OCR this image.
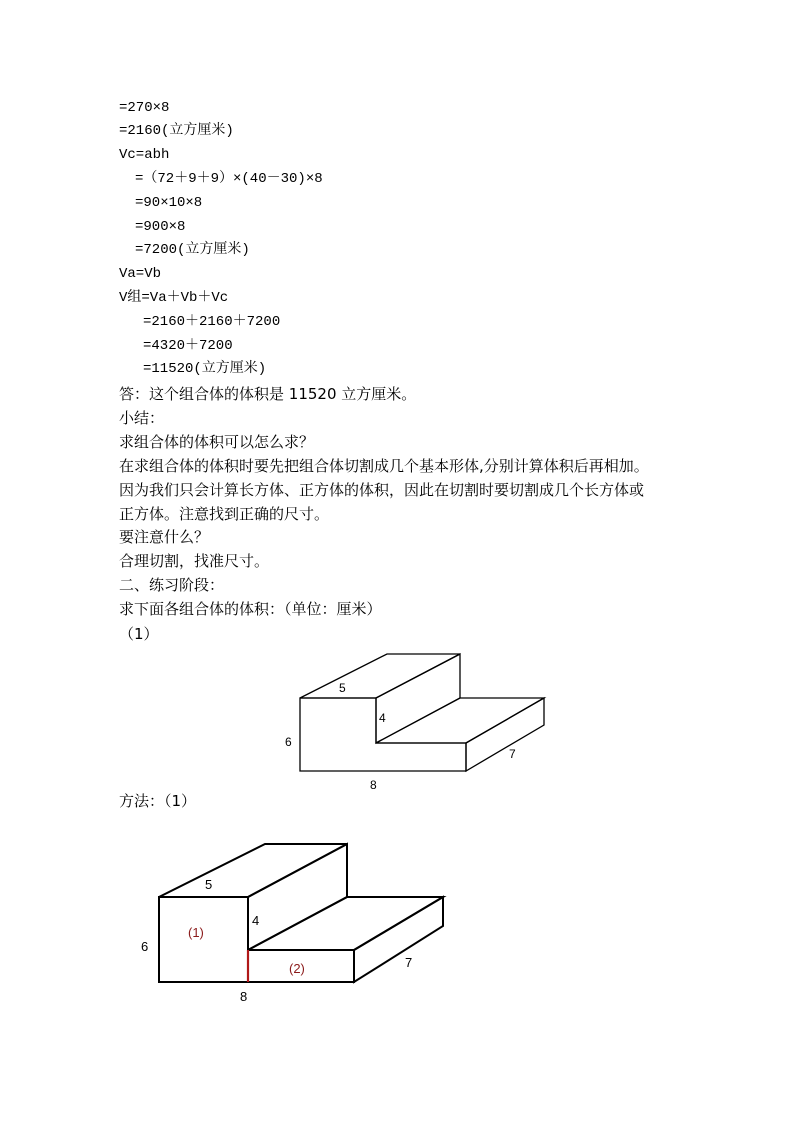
=270×8
=2160(立方厘米)
Vc=abh
=（72＋9＋9）×(40－30)×8
=90×10×8
=900×8
=7200(立方厘米)
Va=Vb
V组=Va＋Vb＋Vc
=2160＋2160＋7200
=4320＋7200
=11520(立方厘米)
答：这个组合体的体积是 11520 立方厘米。
小结：
求组合体的体积可以怎么求？
在求组合体的体积时要先把组合体切割成几个基本形体,分别计算体积后再相加。
因为我们只会计算长方体、正方体的体积，因此在切割时要切割成几个长方体或
正方体。注意找到正确的尺寸。
要注意什么？
合理切割，找准尺寸。
二、练习阶段：
求下面各组合体的体积：（单位：厘米）
（1）
方法：（1）
5
4
6
7
8
5
4
6
7
8
(1)
(2)
